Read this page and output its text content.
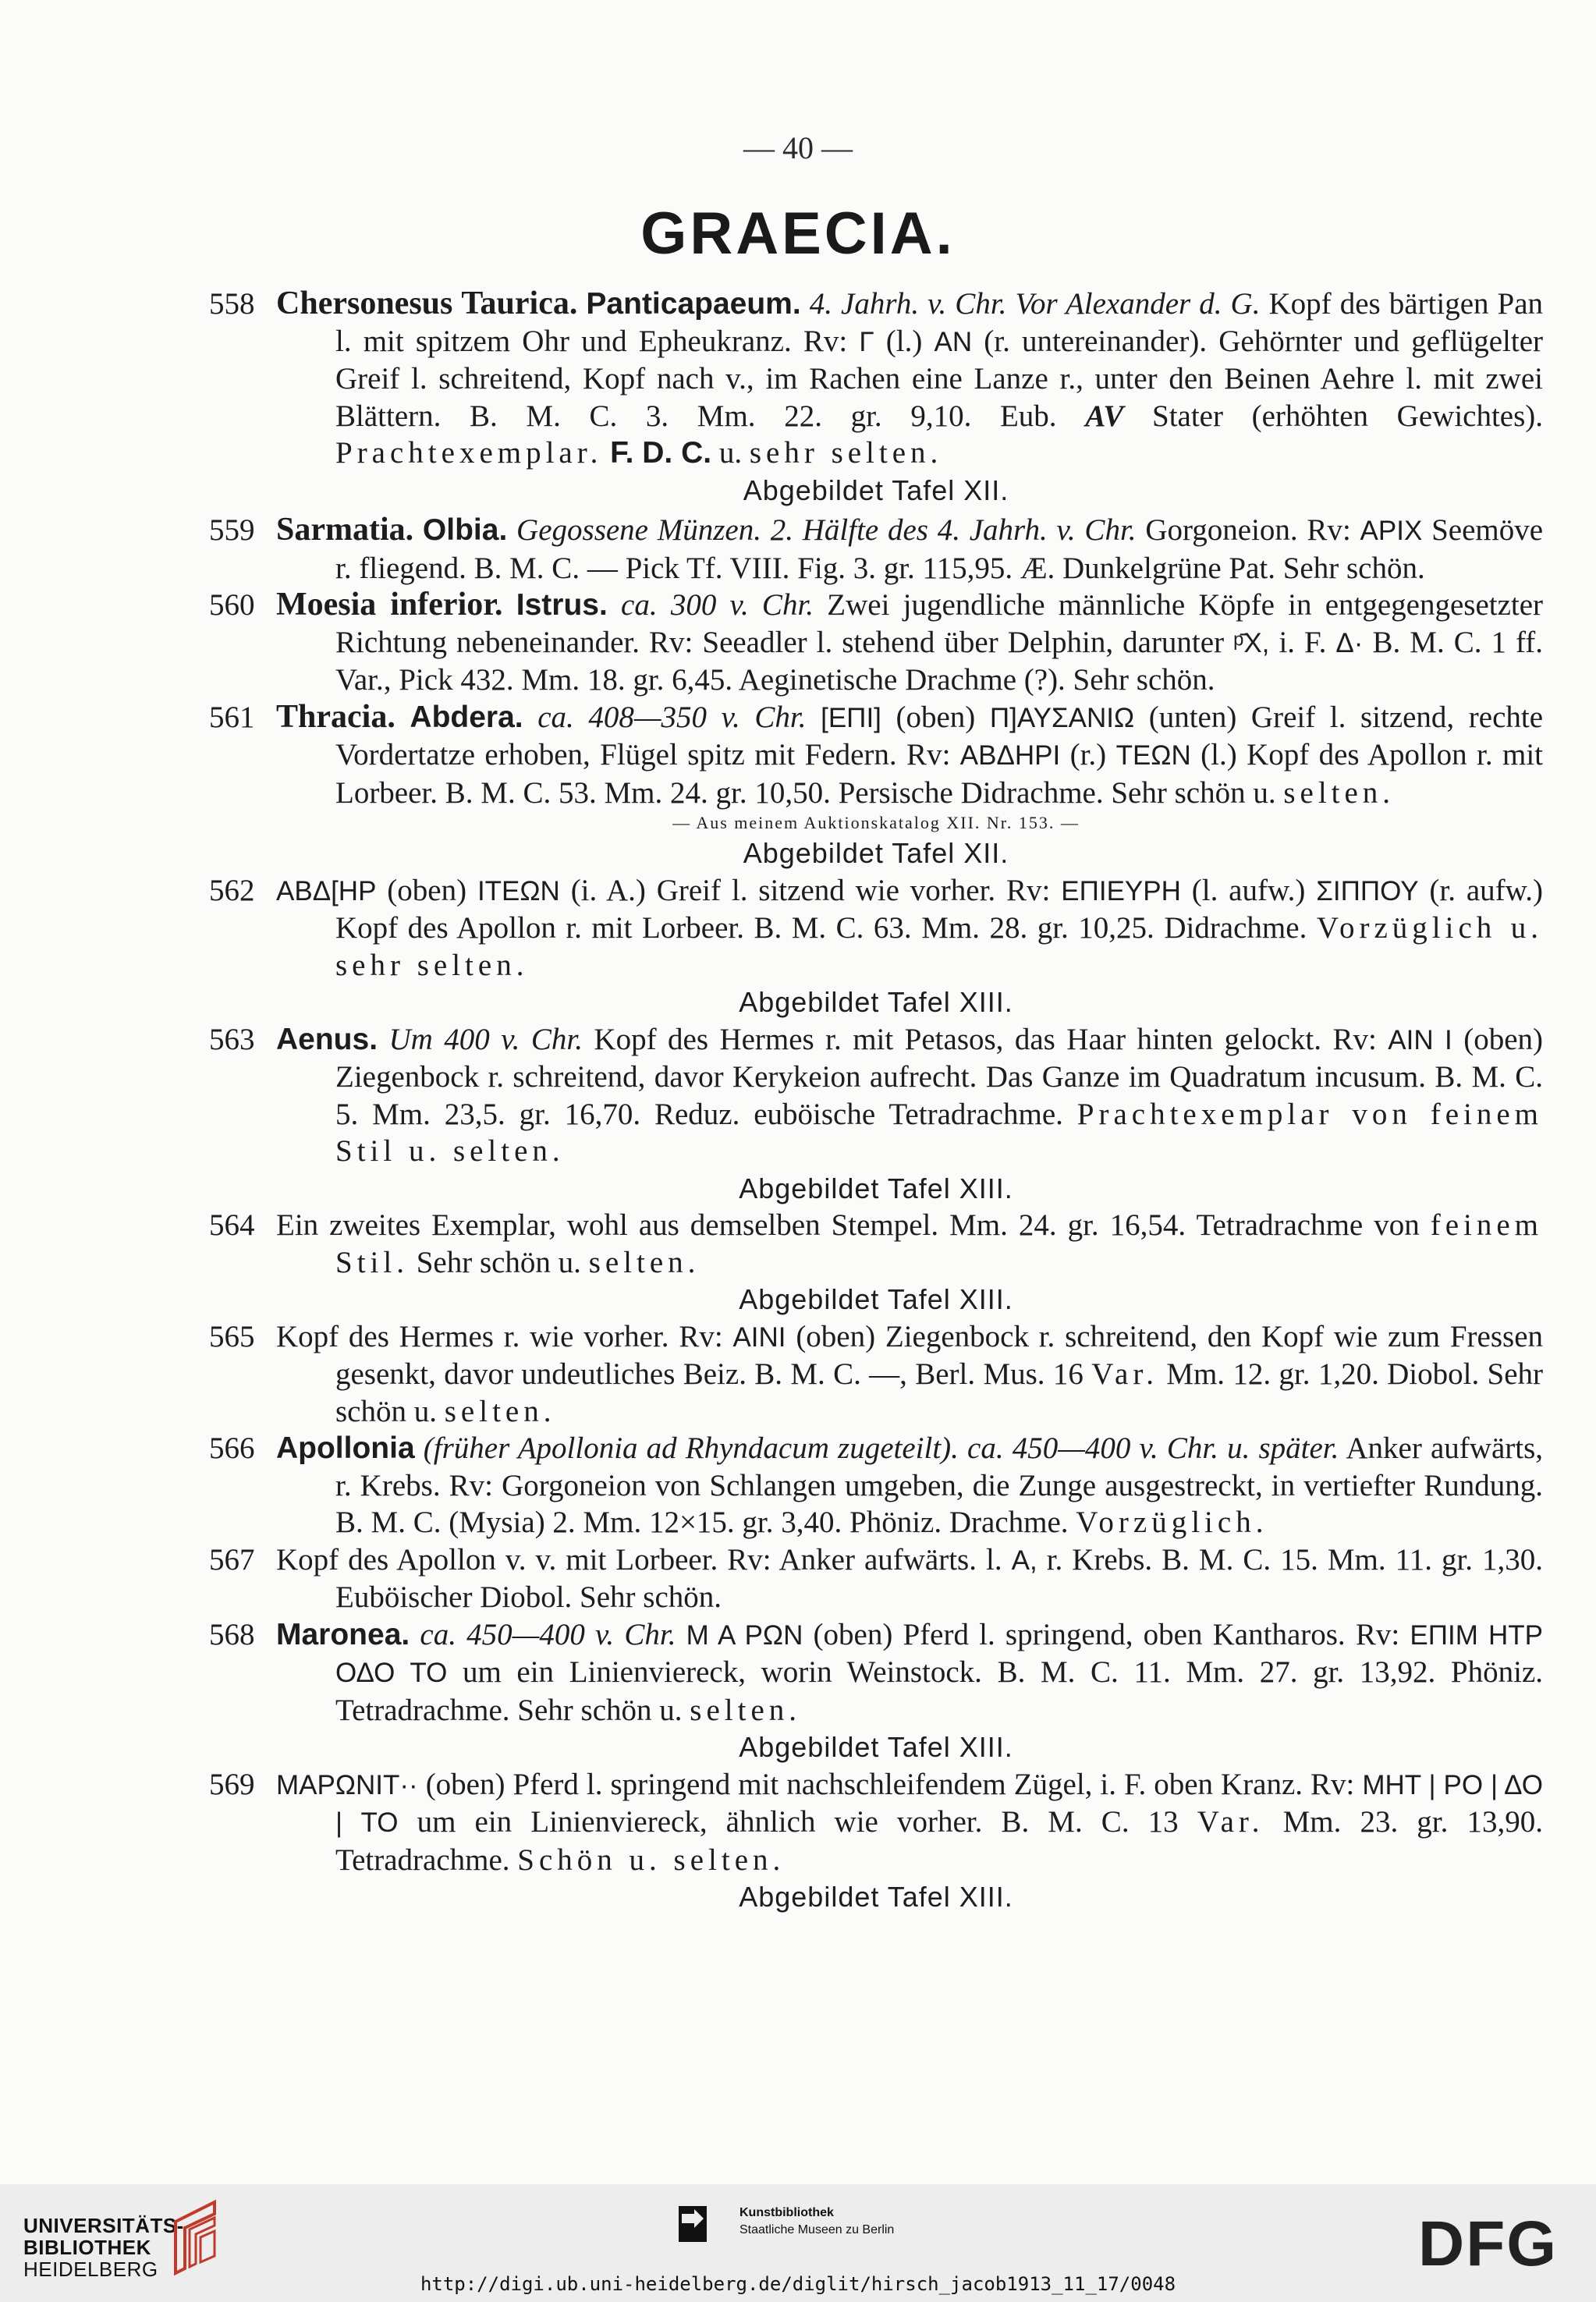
— 40 —
GRAECIA.
558 Chersonesus Taurica. Panticapaeum. 4. Jahrh. v. Chr. Vor Alexander d. G. Kopf des bärtigen Pan l. mit spitzem Ohr und Epheukranz. Rv: Γ (l.) ΑΝ (r. untereinander). Gehörnter und geflügelter Greif l. schreitend, Kopf nach v., im Rachen eine Lanze r., unter den Beinen Aehre l. mit zwei Blättern. B. M. C. 3. Mm. 22. gr. 9,10. Eub. AV Stater (erhöhten Gewichtes). Prachtexemplar. F. D. C. u. sehr selten.
Abgebildet Tafel XII.
559 Sarmatia. Olbia. Gegossene Münzen. 2. Hälfte des 4. Jahrh. v. Chr. Gorgoneion. Rv: ΑΡΙΧ Seemöve r. fliegend. B. M. C. — Pick Tf. VIII. Fig. 3. gr. 115,95. Æ. Dunkelgrüne Pat. Sehr schön.
560 Moesia inferior. Istrus. ca. 300 v. Chr. Zwei jugendliche männliche Köpfe in entgegengesetzter Richtung nebeneinander. Rv: Seeadler l. stehend über Delphin, darunter ᵖ̄X, i. F. Δ· B. M. C. 1 ff. Var., Pick 432. Mm. 18. gr. 6,45. Aeginetische Drachme (?). Sehr schön.
561 Thracia. Abdera. ca. 408—350 v. Chr. [ΕΠΙ] (oben) Π]ΑΥΣΑΝΙΩ (unten) Greif l. sitzend, rechte Vordertatze erhoben, Flügel spitz mit Federn. Rv: ΑΒΔΗΡΙ (r.) ΤΕΩΝ (l.) Kopf des Apollon r. mit Lorbeer. B. M. C. 53. Mm. 24. gr. 10,50. Persische Didrachme. Sehr schön u. selten.
— Aus meinem Auktionskatalog XII. Nr. 153. —
Abgebildet Tafel XII.
562 ΑΒΔ[ΗΡ (oben) ΙΤΕΩΝ (i. A.) Greif l. sitzend wie vorher. Rv: ΕΠΙΕΥΡΗ (l. aufw.) ΣΙΠΠΟΥ (r. aufw.) Kopf des Apollon r. mit Lorbeer. B. M. C. 63. Mm. 28. gr. 10,25. Didrachme. Vorzüglich u. sehr selten.
Abgebildet Tafel XIII.
563 Aenus. Um 400 v. Chr. Kopf des Hermes r. mit Petasos, das Haar hinten gelockt. Rv: ΑΙΝ Ι (oben) Ziegenbock r. schreitend, davor Kerykeion aufrecht. Das Ganze im Quadratum incusum. B. M. C. 5. Mm. 23,5. gr. 16,70. Reduz. euböische Tetradrachme. Prachtexemplar von feinem Stil u. selten.
Abgebildet Tafel XIII.
564 Ein zweites Exemplar, wohl aus demselben Stempel. Mm. 24. gr. 16,54. Tetradrachme von feinem Stil. Sehr schön u. selten.
Abgebildet Tafel XIII.
565 Kopf des Hermes r. wie vorher. Rv: ΑΙΝΙ (oben) Ziegenbock r. schreitend, den Kopf wie zum Fressen gesenkt, davor undeutliches Beiz. B. M. C. —, Berl. Mus. 16 Var. Mm. 12. gr. 1,20. Diobol. Sehr schön u. selten.
566 Apollonia (früher Apollonia ad Rhyndacum zugeteilt). ca. 450—400 v. Chr. u. später. Anker aufwärts, r. Krebs. Rv: Gorgoneion von Schlangen umgeben, die Zunge ausgestreckt, in vertiefter Rundung. B. M. C. (Mysia) 2. Mm. 12×15. gr. 3,40. Phöniz. Drachme. Vorzüglich.
567 Kopf des Apollon v. v. mit Lorbeer. Rv: Anker aufwärts. l. Α, r. Krebs. B. M. C. 15. Mm. 11. gr. 1,30. Euböischer Diobol. Sehr schön.
568 Maronea. ca. 450—400 v. Chr. Μ Α ΡΩΝ (oben) Pferd l. springend, oben Kantharos. Rv: ΕΠΙΜ ΗΤΡ ΟΔΟ ΤΟ um ein Linienviereck, worin Weinstock. B. M. C. 11. Mm. 27. gr. 13,92. Phöniz. Tetradrachme. Sehr schön u. selten.
Abgebildet Tafel XIII.
569 ΜΑΡΩΝΙΤ·· (oben) Pferd l. springend mit nachschleifendem Zügel, i. F. oben Kranz. Rv: ΜΗΤ | ΡΟ | ΔΟ | ΤΟ um ein Linienviereck, ähnlich wie vorher. B. M. C. 13 Var. Mm. 23. gr. 13,90. Tetradrachme. Schön u. selten.
Abgebildet Tafel XIII.
UNIVERSITÄTS-
BIBLIOTHEK
HEIDELBERG
Kunstbibliothek
Staatliche Museen zu Berlin	DFG
http://digi.ub.uni-heidelberg.de/diglit/hirsch_jacob1913_11_17/0048
